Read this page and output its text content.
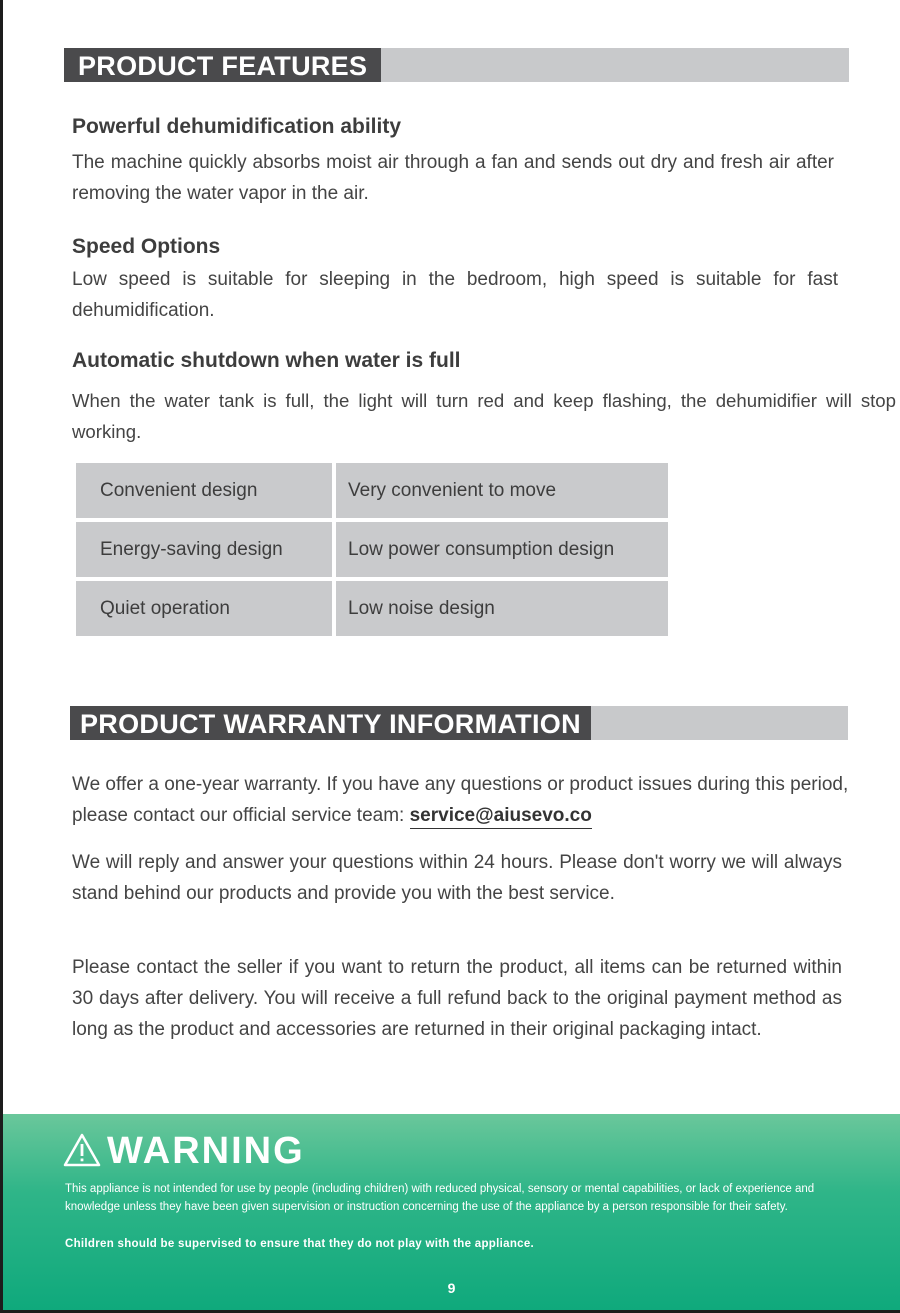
PRODUCT FEATURES
Powerful dehumidification ability
The machine quickly absorbs moist air through a fan and sends out dry and fresh air after removing the water vapor in the air.
Speed Options
Low speed is suitable for sleeping in the bedroom, high speed is suitable for fast dehumidification.
Automatic shutdown when water is full
When the water tank is full, the light will turn red and keep flashing, the dehumidifier will stop working.
Convenient design	Very convenient to move
Energy-saving design	Low power consumption design
Quiet operation	Low noise design
PRODUCT WARRANTY INFORMATION
We offer a one-year warranty. If you have any questions or product issues during this period, please contact our official service team: service@aiusevo.co
We will reply and answer your questions within 24 hours. Please don't worry we will always stand behind our products and provide you with the best service.
Please contact the seller if you want to return the product, all items can be returned within 30 days after delivery. You will receive a full refund back to the original payment method as long as the product and accessories are returned in their original packaging intact.
WARNING
This appliance is not intended for use by people (including children) with reduced physical, sensory or mental capabilities, or lack of experience and knowledge unless they have been given supervision or instruction concerning the use of the appliance by a person responsible for their safety.
Children should be supervised to ensure that they do not play with the appliance.
9
